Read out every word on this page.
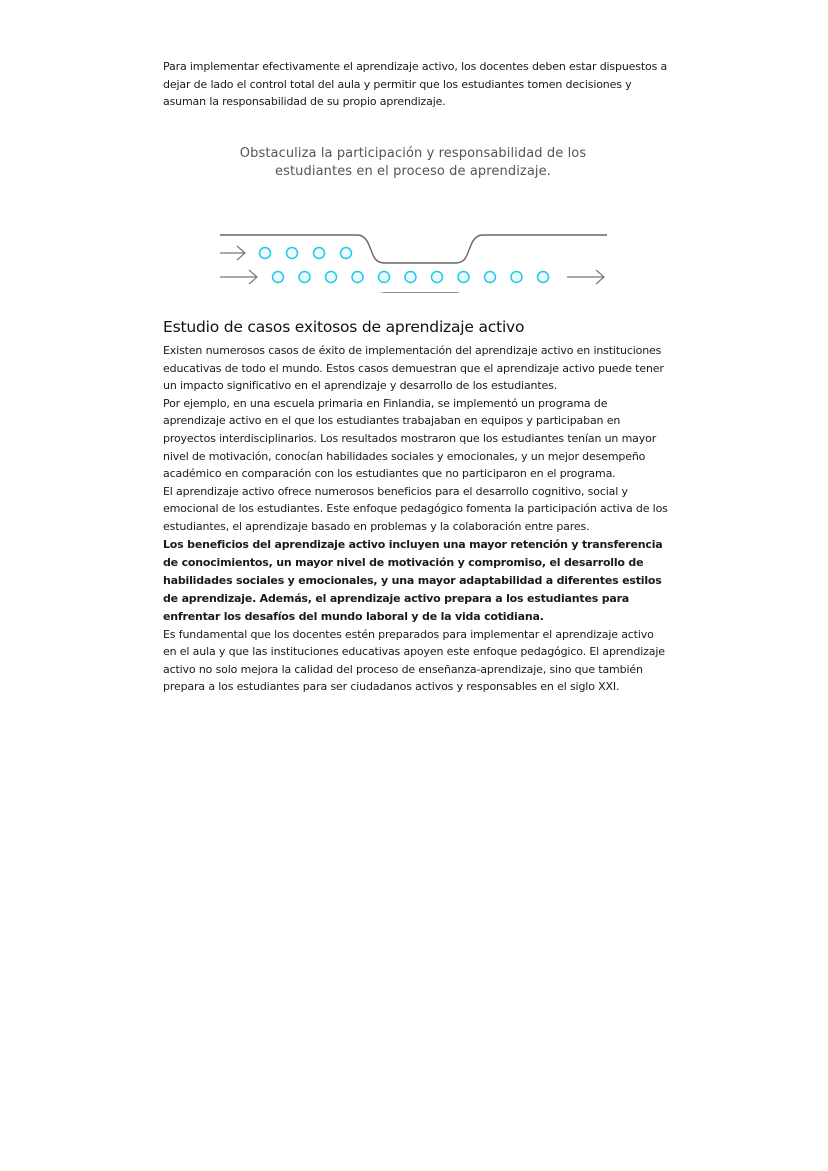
Para implementar efectivamente el aprendizaje activo, los docentes deben estar dispuestos a dejar de lado el control total del aula y permitir que los estudiantes tomen decisiones y asuman la responsabilidad de su propio aprendizaje.

Obstaculiza la participación y responsabilidad de los
estudiantes en el proceso de aprendizaje.
Estudio de casos exitosos de aprendizaje activo

Existen numerosos casos de éxito de implementación del aprendizaje activo en instituciones educativas de todo el mundo. Estos casos demuestran que el aprendizaje activo puede tener un impacto significativo en el aprendizaje y desarrollo de los estudiantes.

Por ejemplo, en una escuela primaria en Finlandia, se implementó un programa de aprendizaje activo en el que los estudiantes trabajaban en equipos y participaban en proyectos interdisciplinarios. Los resultados mostraron que los estudiantes tenían un mayor nivel de motivación, conocían habilidades sociales y emocionales, y un mejor desempeño académico en comparación con los estudiantes que no participaron en el programa.

El aprendizaje activo ofrece numerosos beneficios para el desarrollo cognitivo, social y emocional de los estudiantes. Este enfoque pedagógico fomenta la participación activa de los estudiantes, el aprendizaje basado en problemas y la colaboración entre pares.

Los beneficios del aprendizaje activo incluyen una mayor retención y transferencia de conocimientos, un mayor nivel de motivación y compromiso, el desarrollo de habilidades sociales y emocionales, y una mayor adaptabilidad a diferentes estilos de aprendizaje. Además, el aprendizaje activo prepara a los estudiantes para enfrentar los desafíos del mundo laboral y de la vida cotidiana.

Es fundamental que los docentes estén preparados para implementar el aprendizaje activo en el aula y que las instituciones educativas apoyen este enfoque pedagógico. El aprendizaje activo no solo mejora la calidad del proceso de enseñanza-aprendizaje, sino que también prepara a los estudiantes para ser ciudadanos activos y responsables en el siglo XXI.
